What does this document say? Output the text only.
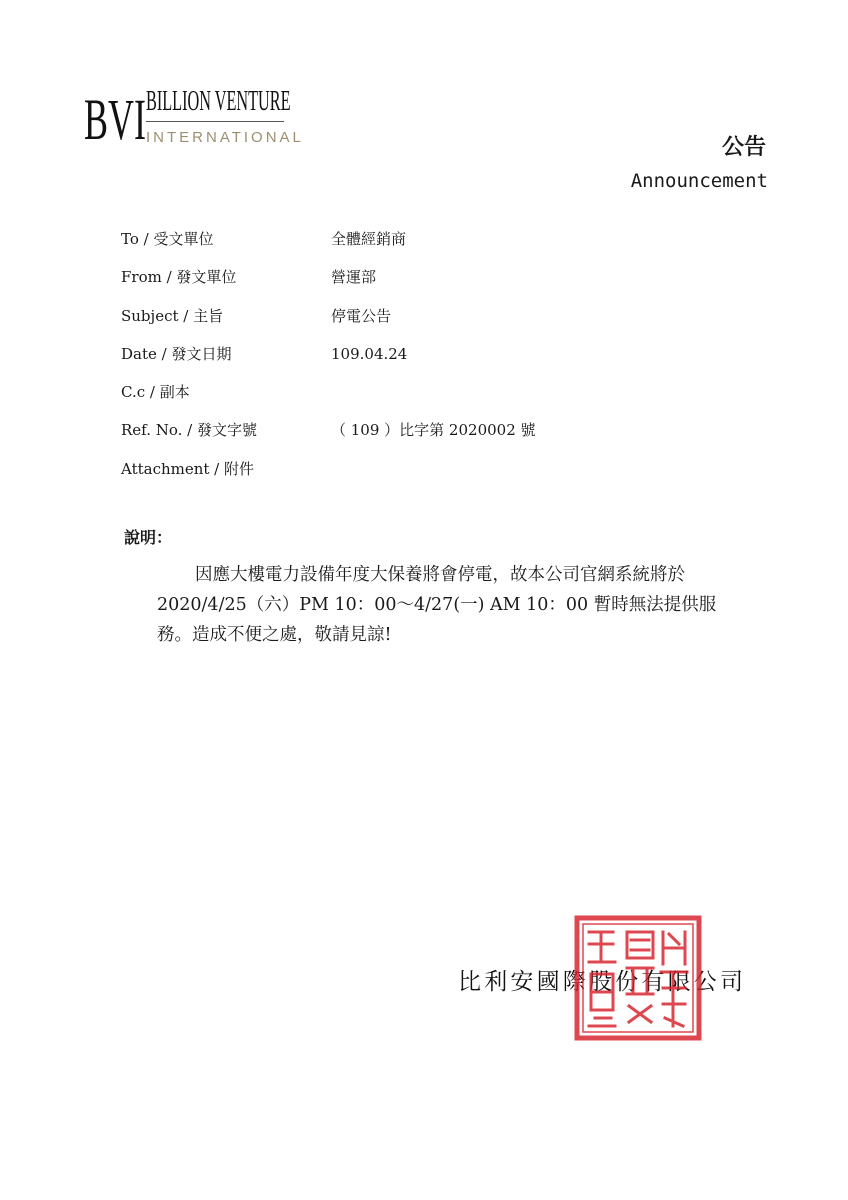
BVI BILLION VENTURE
INTERNATIONAL	公告
Announcement
To / 受文單位	全體經銷商
From / 發文單位	營運部
Subject / 主旨	停電公告
Date / 發文日期	109.04.24
C.c / 副本
Ref. No. / 發文字號	（ 109 ）比字第 2020002 號
Attachment / 附件
說明：
因應大樓電力設備年度大保養將會停電，故本公司官網系統將於
2020/4/25（六）PM 10：00～4/27(一) AM 10：00 暫時無法提供服
務。造成不便之處，敬請見諒!
比利安國際股份有限公司
